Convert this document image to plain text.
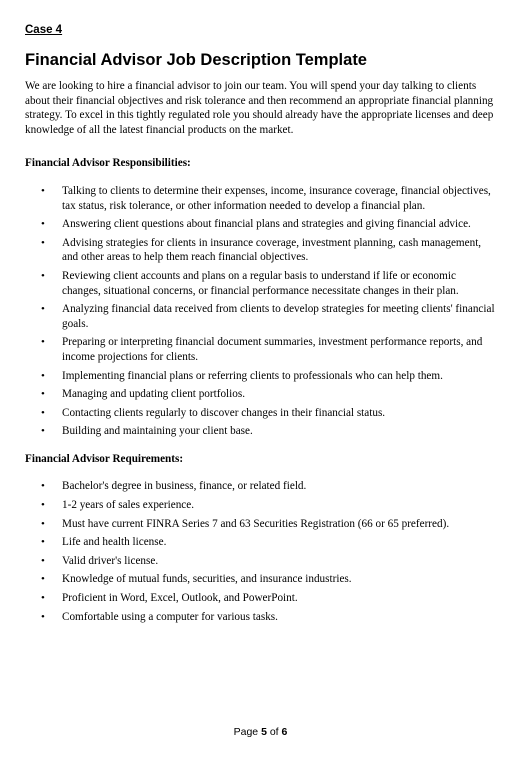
Case 4

Financial Advisor Job Description Template

We are looking to hire a financial advisor to join our team. You will spend your day talking to clients about their financial objectives and risk tolerance and then recommend an appropriate financial planning strategy. To excel in this tightly regulated role you should already have the appropriate licenses and deep knowledge of all the latest financial products on the market.

Financial Advisor Responsibilities:

• Talking to clients to determine their expenses, income, insurance coverage, financial objectives, tax status, risk tolerance, or other information needed to develop a financial plan.
• Answering client questions about financial plans and strategies and giving financial advice.
• Advising strategies for clients in insurance coverage, investment planning, cash management, and other areas to help them reach financial objectives.
• Reviewing client accounts and plans on a regular basis to understand if life or economic changes, situational concerns, or financial performance necessitate changes in their plan.
• Analyzing financial data received from clients to develop strategies for meeting clients' financial goals.
• Preparing or interpreting financial document summaries, investment performance reports, and income projections for clients.
• Implementing financial plans or referring clients to professionals who can help them.
• Managing and updating client portfolios.
• Contacting clients regularly to discover changes in their financial status.
• Building and maintaining your client base.

Financial Advisor Requirements:

• Bachelor's degree in business, finance, or related field.
• 1-2 years of sales experience.
• Must have current FINRA Series 7 and 63 Securities Registration (66 or 65 preferred).
• Life and health license.
• Valid driver's license.
• Knowledge of mutual funds, securities, and insurance industries.
• Proficient in Word, Excel, Outlook, and PowerPoint.
• Comfortable using a computer for various tasks.
Page 5 of 6
